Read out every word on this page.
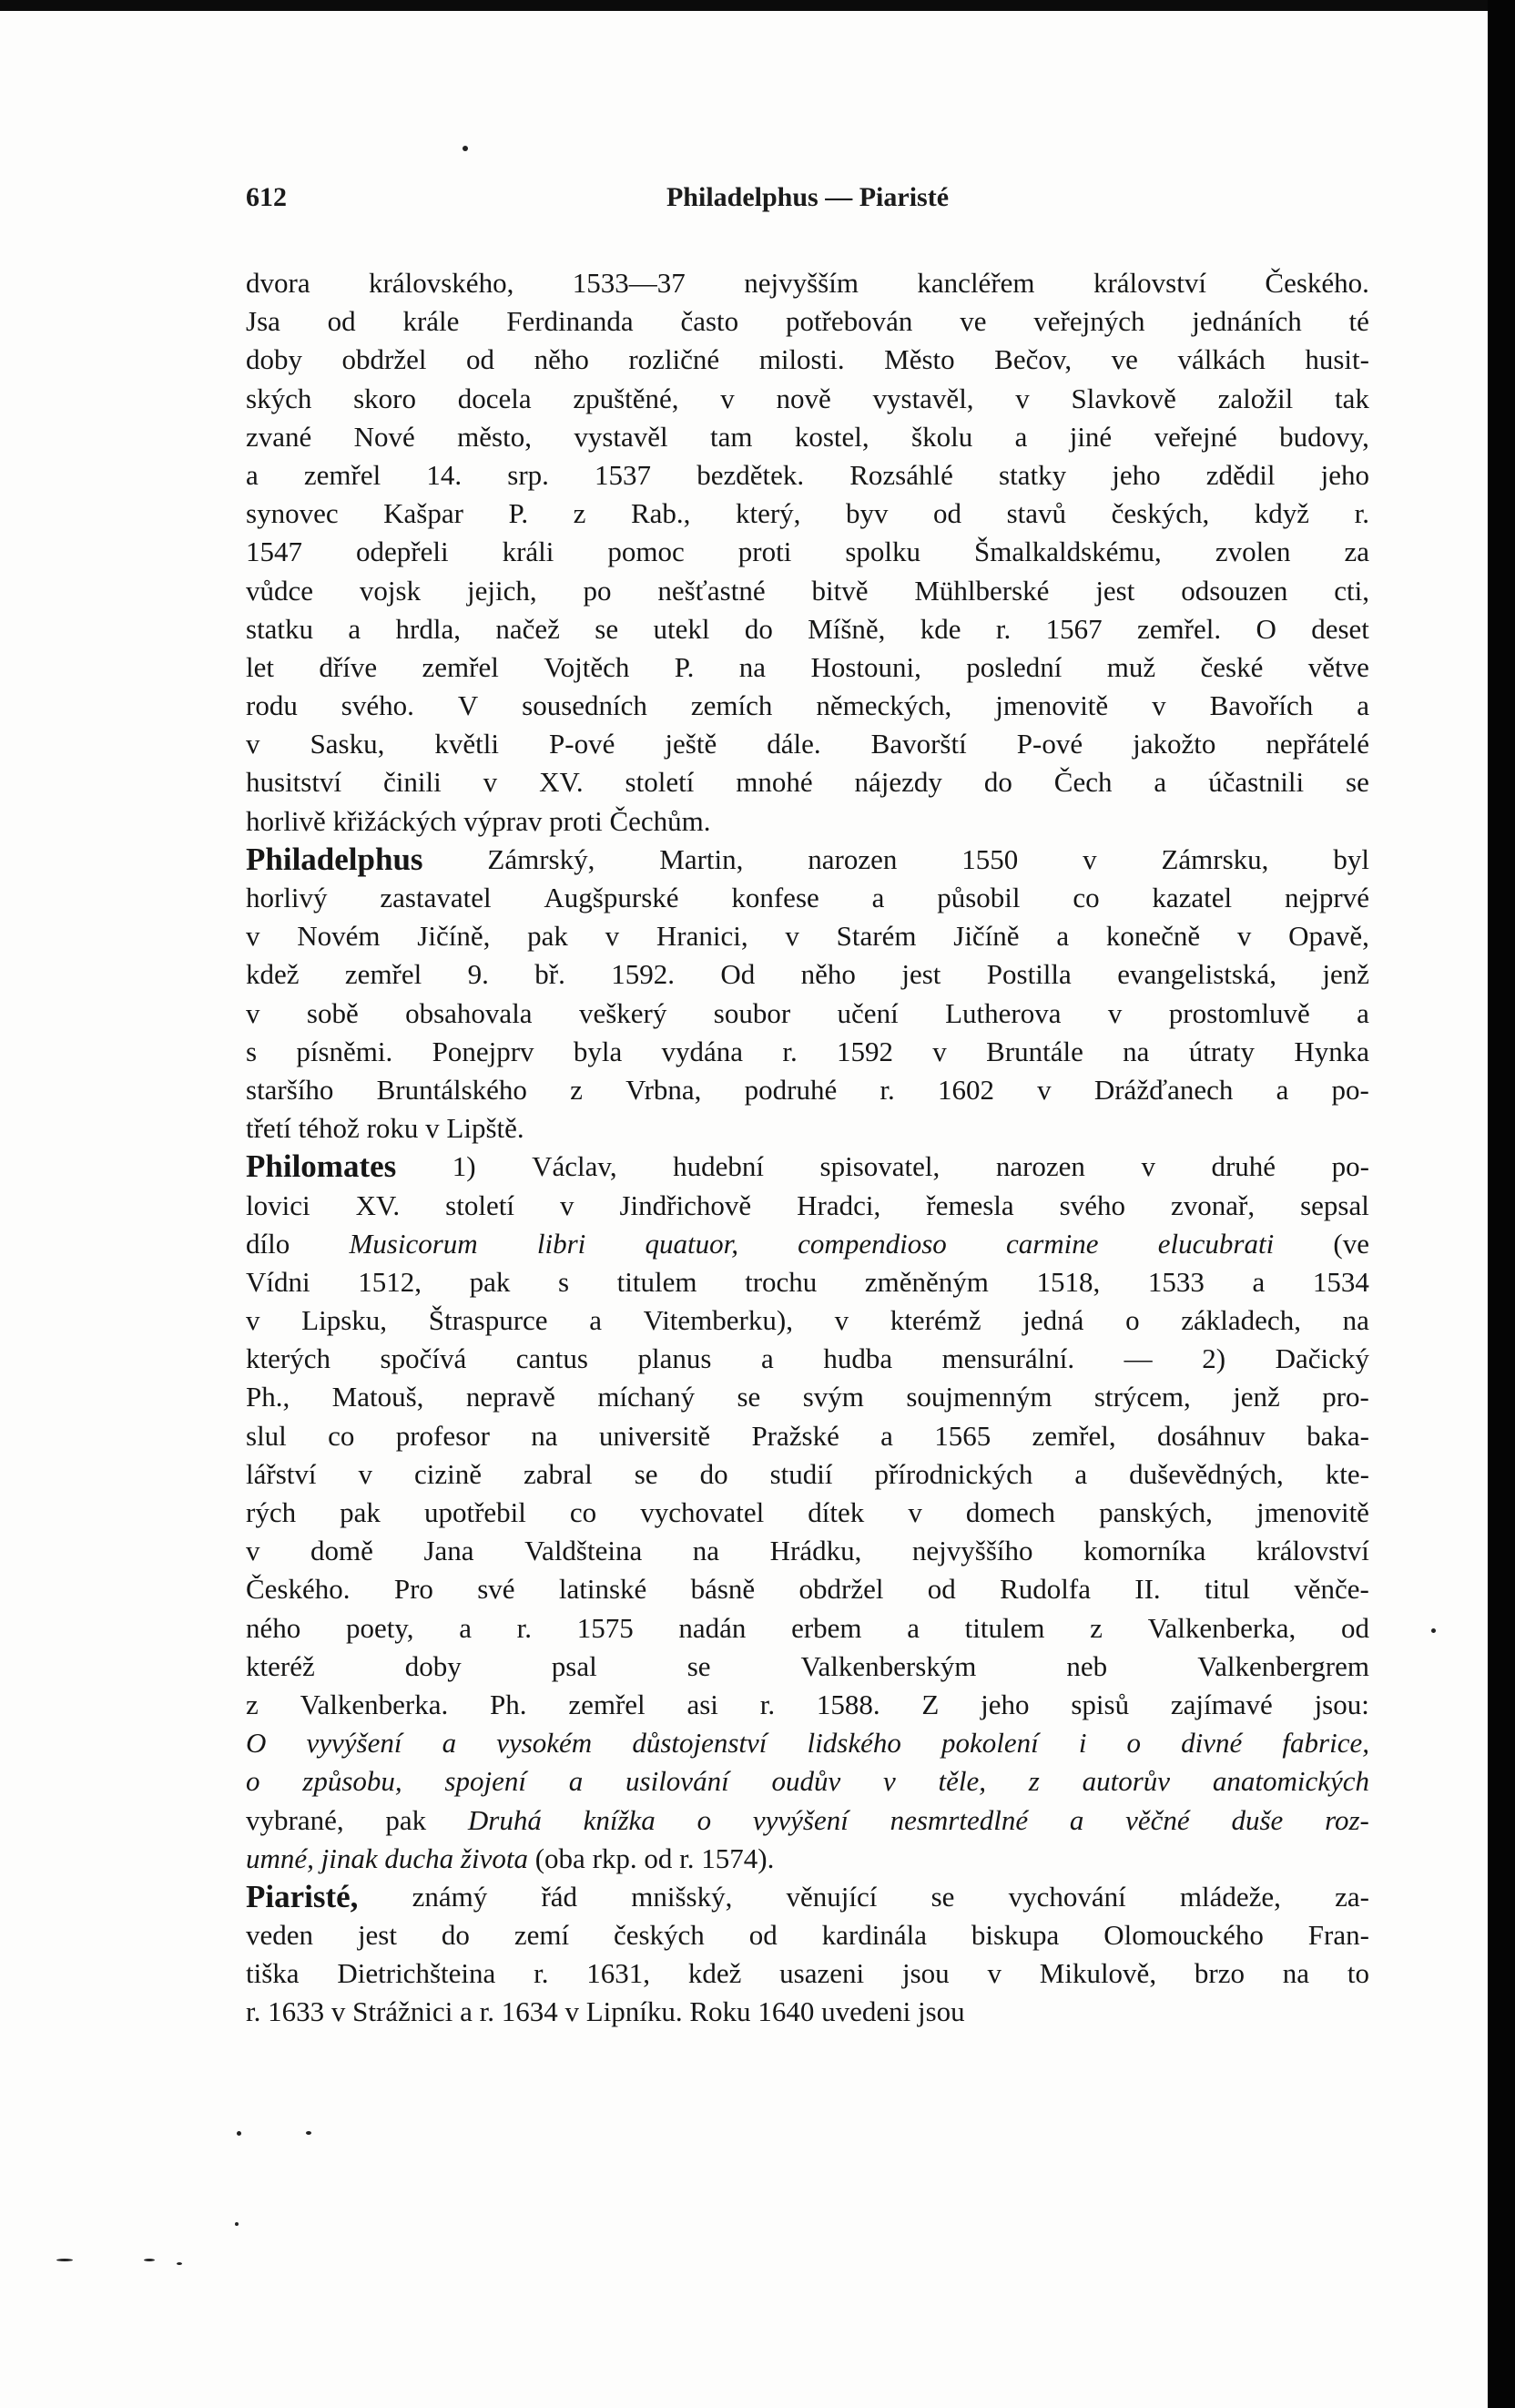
612	Philadelphus — Piaristé
dvora královského, 1533—37 nejvyšším kancléřem království Českého.
Jsa od krále Ferdinanda často potřebován ve veřejných jednáních té
doby obdržel od něho rozličné milosti. Město Bečov, ve válkách husit-
ských skoro docela zpuštěné, v nově vystavěl, v Slavkově založil tak
zvané Nové město, vystavěl tam kostel, školu a jiné veřejné budovy,
a zemřel 14. srp. 1537 bezdětek. Rozsáhlé statky jeho zdědil jeho
synovec Kašpar P. z Rab., který, byv od stavů českých, když r.
1547 odepřeli králi pomoc proti spolku Šmalkaldskému, zvolen za
vůdce vojsk jejich, po nešťastné bitvě Mühlberské jest odsouzen cti,
statku a hrdla, načež se utekl do Míšně, kde r. 1567 zemřel. O deset
let dříve zemřel Vojtěch P. na Hostouni, poslední muž české větve
rodu svého. V sousedních zemích německých, jmenovitě v Bavořích a
v Sasku, květli P-ové ještě dále. Bavorští P-ové jakožto nepřátelé
husitství činili v XV. století mnohé nájezdy do Čech a účastnili se
horlivě křižáckých výprav proti Čechům.
Philadelphus Zámrský, Martin, narozen 1550 v Zámrsku, byl
horlivý zastavatel Augšpurské konfese a působil co kazatel nejprvé
v Novém Jičíně, pak v Hranici, v Starém Jičíně a konečně v Opavě,
kdež zemřel 9. bř. 1592. Od něho jest Postilla evangelistská, jenž
v sobě obsahovala veškerý soubor učení Lutherova v prostomluvě a
s písněmi. Ponejprv byla vydána r. 1592 v Bruntále na útraty Hynka
staršího Bruntálského z Vrbna, podruhé r. 1602 v Drážďanech a po-
třetí téhož roku v Lipště.
Philomates 1) Václav, hudební spisovatel, narozen v druhé po-
lovici XV. století v Jindřichově Hradci, řemesla svého zvonař, sepsal
dílo Musicorum libri quatuor, compendioso carmine elucubrati (ve
Vídni 1512, pak s titulem trochu změněným 1518, 1533 a 1534
v Lipsku, Štraspurce a Vitemberku), v kterémž jedná o základech, na
kterých spočívá cantus planus a hudba mensurální. — 2) Dačický
Ph., Matouš, nepravě míchaný se svým soujmenným strýcem, jenž pro-
slul co profesor na universitě Pražské a 1565 zemřel, dosáhnuv baka-
lářství v cizině zabral se do studií přírodnických a duševědných, kte-
rých pak upotřebil co vychovatel dítek v domech panských, jmenovitě
v domě Jana Valdšteina na Hrádku, nejvyššího komorníka království
Českého. Pro své latinské básně obdržel od Rudolfa II. titul věnče-
ného poety, a r. 1575 nadán erbem a titulem z Valkenberka, od
kteréž	doby	psal	se	Valkenberským	neb	Valkenbergrem
z Valkenberka. Ph. zemřel asi r. 1588. Z jeho spisů zajímavé jsou:
O vyvýšení a vysokém důstojenství lidského pokolení i o divné fabrice,
o způsobu, spojení a usilování oudův v těle, z autorův anatomických
vybrané, pak Druhá knížka o vyvýšení nesmrtedlné a věčné duše roz-
umné, jinak ducha života (oba rkp. od r. 1574).
Piaristé, známý řád mnišský, věnující se vychování mládeže, za-
veden jest do zemí českých od kardinála biskupa Olomouckého Fran-
tiška Dietrichšteina r. 1631, kdež usazeni jsou v Mikulově, brzo na to
r. 1633 v Strážnici a r. 1634 v Lipníku. Roku 1640 uvedeni jsou
